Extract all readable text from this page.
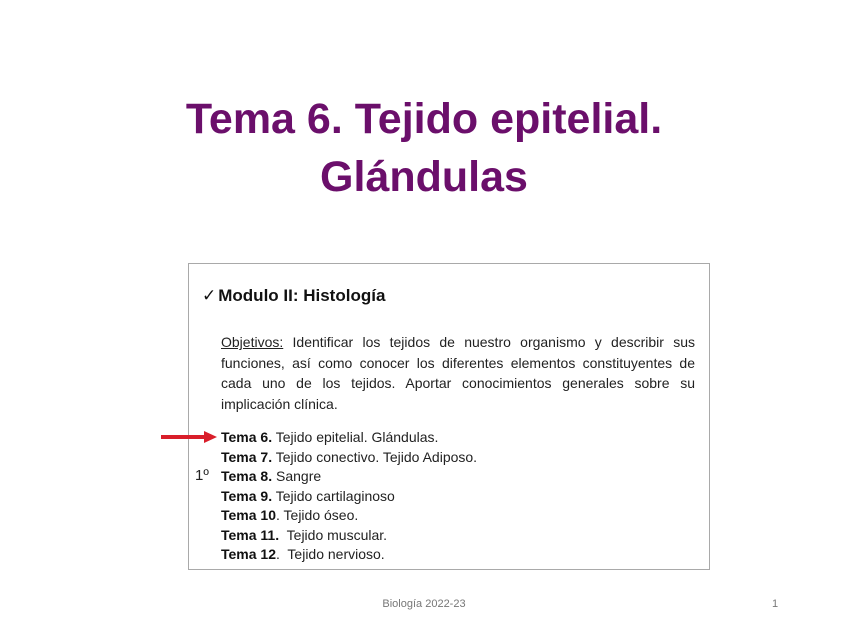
Tema 6. Tejido epitelial.
Glándulas
✓ Modulo II: Histología
Objetivos: Identificar los tejidos de nuestro organismo y describir sus funciones, así como conocer los diferentes elementos constituyentes de cada uno de los tejidos. Aportar conocimientos generales sobre su implicación clínica.
1º
Tema 6. Tejido epitelial. Glándulas.
Tema 7. Tejido conectivo. Tejido Adiposo.
Tema 8. Sangre
Tema 9. Tejido cartilaginoso
Tema 10. Tejido óseo.
Tema 11.  Tejido muscular.
Tema 12.  Tejido nervioso.
Biología 2022-23	1
